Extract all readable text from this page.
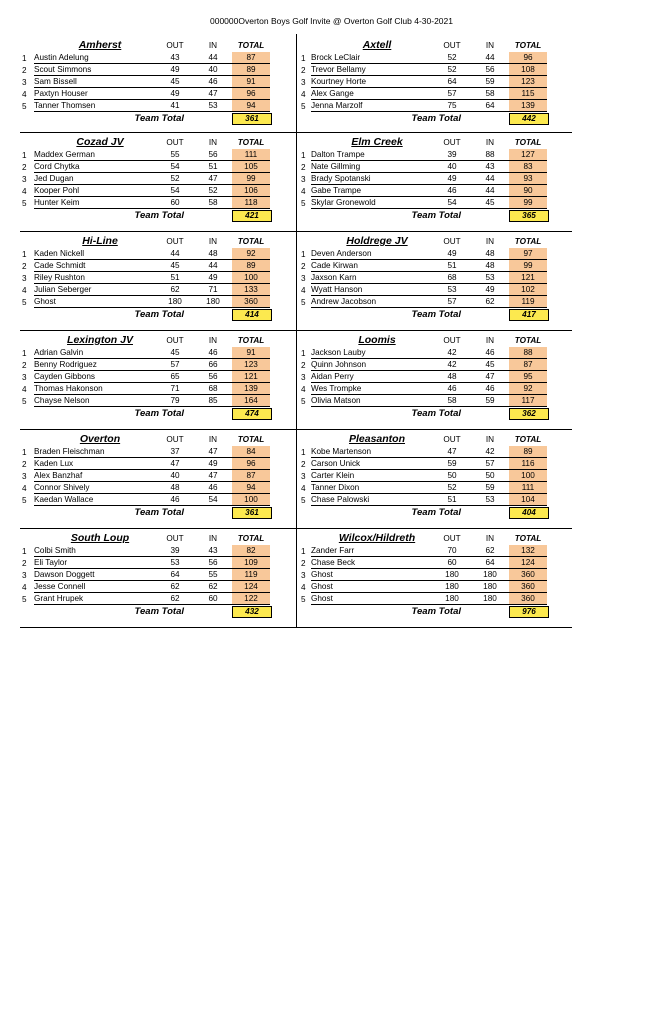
000000Overton Boys Golf Invite @ Overton Golf Club 4-30-2021
Amherst	OUT	IN	TOTAL
1 Austin Adelung	43	44	87
2 Scout Simmons	49	40	89
3 Sam Bissell	45	46	91
4 Paxtyn Houser	49	47	96
5 Tanner Thomsen	41	53	94
Team Total	361
Axtell	OUT	IN	TOTAL
1 Brock LeClair	52	44	96
2 Trevor Bellamy	52	56	108
3 Kourtney Horte	64	59	123
4 Alex Gange	57	58	115
5 Jenna Marzolf	75	64	139
Team Total	442
Cozad JV	OUT	IN	TOTAL
1 Maddex German	55	56	111
2 Cord Chytka	54	51	105
3 Jed Dugan	52	47	99
4 Kooper Pohl	54	52	106
5 Hunter Keim	60	58	118
Team Total	421
Elm Creek	OUT	IN	TOTAL
1 Dalton Trampe	39	88	127
2 Nate Gillming	40	43	83
3 Brady Spotanski	49	44	93
4 Gabe Trampe	46	44	90
5 Skylar Gronewold	54	45	99
Team Total	365
Hi-Line	OUT	IN	TOTAL
1 Kaden Nickell	44	48	92
2 Cade Schmidt	45	44	89
3 Riley Rushton	51	49	100
4 Julian Seberger	62	71	133
5 Ghost	180	180	360
Team Total	414
Holdrege JV	OUT	IN	TOTAL
1 Deven Anderson	49	48	97
2 Cade Kirwan	51	48	99
3 Jaxson Karn	68	53	121
4 Wyatt Hanson	53	49	102
5 Andrew Jacobson	57	62	119
Team Total	417
Lexington JV	OUT	IN	TOTAL
1 Adrian Galvin	45	46	91
2 Benny Rodriguez	57	66	123
3 Cayden Gibbons	65	56	121
4 Thomas Hakonson	71	68	139
5 Chayse Nelson	79	85	164
Team Total	474
Loomis	OUT	IN	TOTAL
1 Jackson Lauby	42	46	88
2 Quinn Johnson	42	45	87
3 Aidan Perry	48	47	95
4 Wes Trompke	46	46	92
5 Olivia Matson	58	59	117
Team Total	362
Overton	OUT	IN	TOTAL
1 Braden Fleischman	37	47	84
2 Kaden Lux	47	49	96
3 Alex Banzhaf	40	47	87
4 Connor Shively	48	46	94
5 Kaedan Wallace	46	54	100
Team Total	361
Pleasanton	OUT	IN	TOTAL
1 Kobe Martenson	47	42	89
2 Carson Unick	59	57	116
3 Carter Klein	50	50	100
4 Tanner Dixon	52	59	111
5 Chase Palowski	51	53	104
Team Total	404
South Loup	OUT	IN	TOTAL
1 Colbi Smith	39	43	82
2 Eli Taylor	53	56	109
3 Dawson Doggett	64	55	119
4 Jesse Connell	62	62	124
5 Grant Hrupek	62	60	122
Team Total	432
Wilcox/Hildreth	OUT	IN	TOTAL
1 Zander Farr	70	62	132
2 Chase Beck	60	64	124
3 Ghost	180	180	360
4 Ghost	180	180	360
5 Ghost	180	180	360
Team Total	976
